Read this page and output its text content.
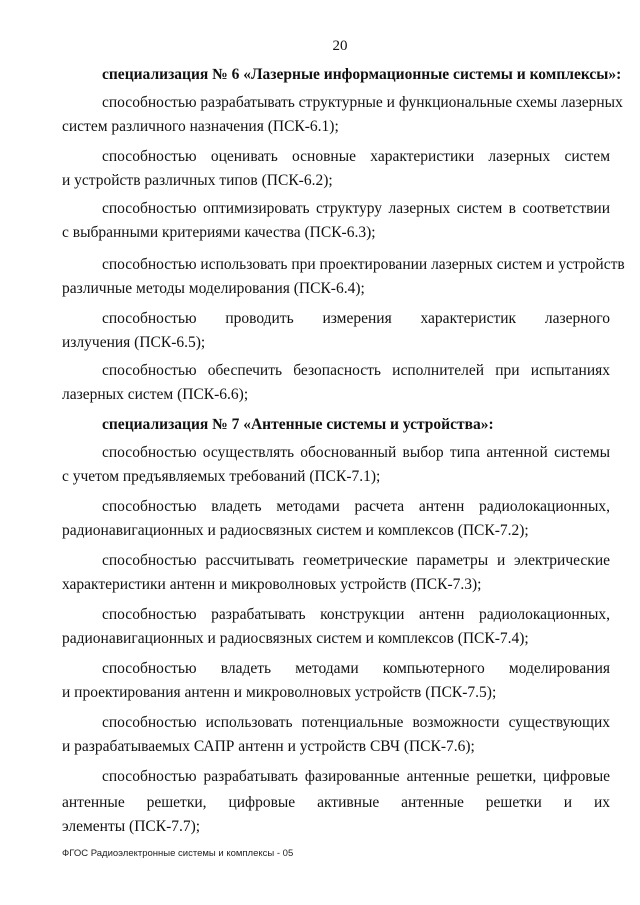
20
специализация № 6 «Лазерные информационные системы и комплексы»:
способностью разрабатывать структурные и функциональные схемы лазерных
систем различного назначения (ПСК-6.1);
способностью оценивать основные характеристики лазерных систем
и устройств различных типов (ПСК-6.2);
способностью оптимизировать структуру лазерных систем в соответствии
с выбранными критериями качества (ПСК-6.3);
способностью использовать при проектировании лазерных систем и устройств
различные методы моделирования (ПСК-6.4);
способностью проводить измерения характеристик лазерного
излучения (ПСК-6.5);
способностью обеспечить безопасность исполнителей при испытаниях
лазерных систем (ПСК-6.6);
специализация № 7 «Антенные системы и устройства»:
способностью осуществлять обоснованный выбор типа антенной системы
с учетом предъявляемых требований (ПСК-7.1);
способностью владеть методами расчета антенн радиолокационных,
радионавигационных и радиосвязных систем и комплексов (ПСК-7.2);
способностью рассчитывать геометрические параметры и электрические
характеристики антенн и микроволновых устройств (ПСК-7.3);
способностью разрабатывать конструкции антенн радиолокационных,
радионавигационных и радиосвязных систем и комплексов (ПСК-7.4);
способностью владеть методами компьютерного моделирования
и проектирования антенн и микроволновых устройств (ПСК-7.5);
способностью использовать потенциальные возможности существующих
и разрабатываемых САПР антенн и устройств СВЧ (ПСК-7.6);
способностью разрабатывать фазированные антенные решетки, цифровые
антенные решетки, цифровые активные антенные решетки и их
элементы (ПСК-7.7);
ФГОС Радиоэлектронные системы и комплексы - 05
